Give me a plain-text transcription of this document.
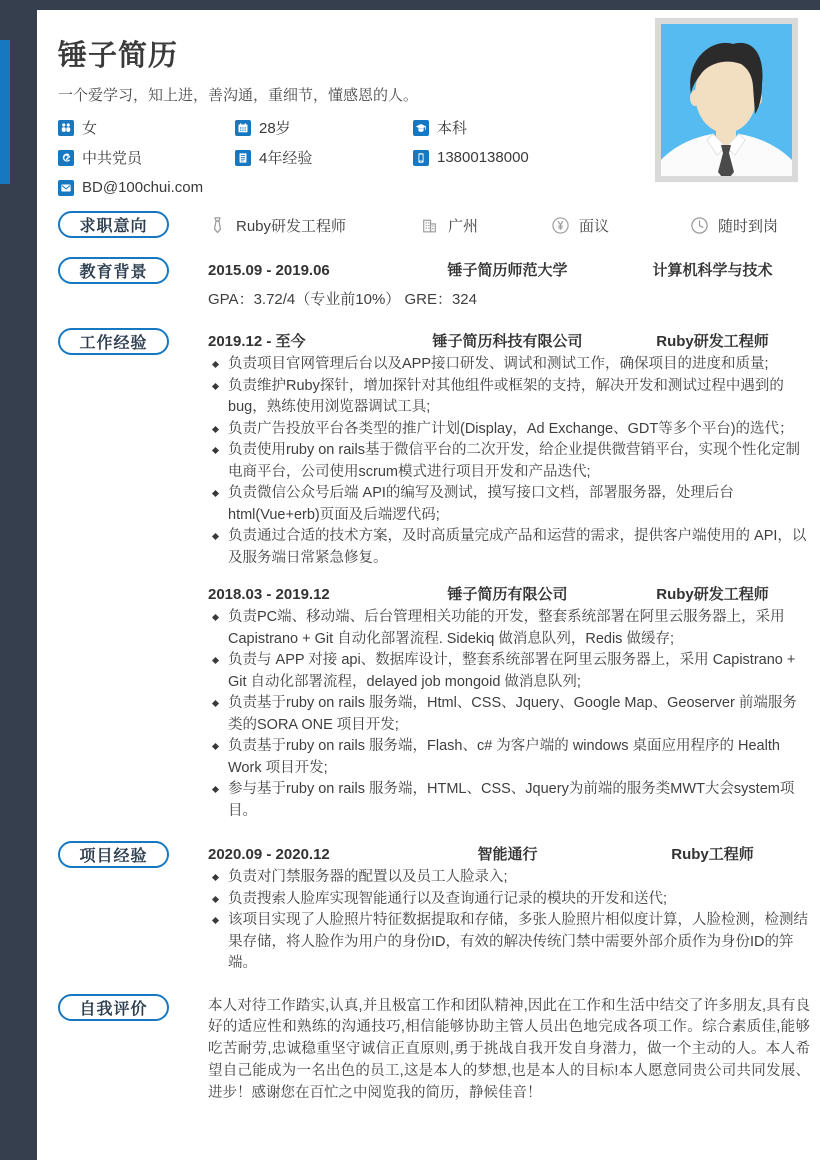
锤子简历
一个爱学习，知上进，善沟通，重细节，懂感恩的人。
女	28岁	本科
中共党员	4年经验	13800138000
BD@100chui.com
求职意向	Ruby研发工程师	广州	面议	随时到岗
教育背景	2015.09 - 2019.06	锤子简历师范大学	计算机科学与技术
GPA：3.72/4（专业前10%） GRE：324
工作经验	2019.12 - 至今	锤子简历科技有限公司	Ruby研发工程师
负责项目官网管理后台以及APP接口研发、调试和测试工作，确保项目的进度和质量;
负责维护Ruby探针，增加探针对其他组件或框架的支持，解决开发和测试过程中遇到的bug，熟练使用浏览器调试工具;
负责广告投放平台各类型的推广计划(Display，Ad Exchange、GDT等多个平台)的选代；
负责使用ruby on rails基于微信平台的二次开发，给企业提供微营销平台，实现个性化定制电商平台，公司使用scrum模式进行项目开发和产品迭代;
负责微信公众号后端 API的编写及测试，摸写接口文档，部署服务器，处理后台html(Vue+erb)页面及后端逻代码;
负责通过合适的技术方案，及时高质量完成产品和运营的需求，提供客户端使用的 API，以及服务端日常紧急修复。
2018.03 - 2019.12	锤子简历有限公司	Ruby研发工程师
负责PC端、移动端、后台管理相关功能的开发，整套系统部署在阿里云服务器上，采用 Capistrano + Git 自动化部署流程. Sidekiq 做消息队列，Redis 做缓存;
负责与 APP 对接 api、数据库设计，整套系统部署在阿里云服务器上，采用 Capistrano + Git 自动化部署流程，delayed job mongoid 做消息队列;
负责基于ruby on rails 服务端，Html、CSS、Jquery、Google Map、Geoserver 前端服务类的SORA ONE 项目开发;
负责基于ruby on rails 服务端，Flash、c# 为客户端的 windows 桌面应用程序的 Health Work 项目开发;
参与基于ruby on rails 服务端，HTML、CSS、Jquery为前端的服务类MWT大会system项目。
项目经验	2020.09 - 2020.12	智能通行	Ruby工程师
负责对门禁服务器的配置以及员工人脸录入;
负责搜索人脸库实现智能通行以及查询通行记录的模块的开发和送代;
该项目实现了人脸照片特征数据提取和存储，多张人脸照片相似度计算，人脸检测，检测结果存储，将人脸作为用户的身份ID，有效的解决传统门禁中需要外部介质作为身份ID的笄端。
自我评价	本人对待工作踏实,认真,并且极富工作和团队精神,因此在工作和生活中结交了许多朋友,具有良好的适应性和熟练的沟通技巧,相信能够协助主管人员出色地完成各项工作。综合素质佳,能够吃苦耐劳,忠诚稳重坚守诚信正直原则,勇于挑战自我开发自身潜力，做一个主动的人。本人希望自己能成为一名出色的员工,这是本人的梦想,也是本人的目标!本人愿意同贵公司共同发展、进步！感谢您在百忙之中阅览我的简历，静候佳音！
